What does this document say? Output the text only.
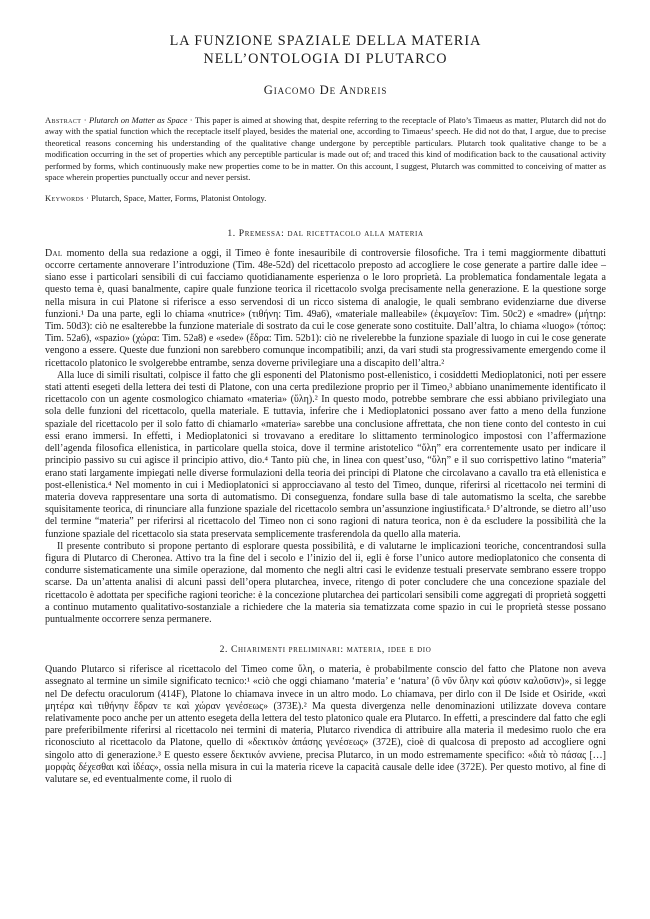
LA FUNZIONE SPAZIALE DELLA MATERIA
NELL’ONTOLOGIA DI PLUTARCO
Giacomo De Andreis

Abstract · Plutarch on Matter as Space · This paper is aimed at showing that, despite referring to the receptacle of Plato’s Timaeus as matter, Plutarch did not do away with the spatial function which the receptacle itself played, besides the material one, according to Timaeus’ speech. He did not do that, I argue, due to precise theoretical reasons concerning his understanding of the qualitative change undergone by perceptible particulars. Plutarch took qualitative change to be a modification occurring in the set of properties which any perceptible particular is made out of; and traced this kind of modification back to the causational activity performed by forms, which continuously make new properties come to be in matter. On this account, I suggest, Plutarch was committed to conceiving of matter as space wherein properties punctually occur and never persist.

Keywords · Plutarch, Space, Matter, Forms, Platonist Ontology.

1. Premessa: dal ricettacolo alla materia

Dal momento della sua redazione a oggi, il Timeo è fonte inesauribile di controversie filosofiche. Tra i temi maggiormente dibattuti occorre certamente annoverare l’introduzione (Tim. 48e-52d) del ricettacolo preposto ad accogliere le cose generate a partire dalle idee – siano esse i particolari sensibili di cui facciamo quotidianamente esperienza o le loro proprietà. La problematica fondamentale legata a questo tema è, quasi banalmente, capire quale funzione teorica il ricettacolo svolga precisamente nella generazione. E la questione sorge nella misura in cui Platone si riferisce a esso servendosi di un ricco sistema di analogie, le quali sembrano evidenziarne due diverse funzioni.¹ Da una parte, egli lo chiama «nutrice» (τιθήνη: Tim. 49a6), «materiale malleabile» (ἐκμαγεῖον: Tim. 50c2) e «madre» (μήτηρ: Tim. 50d3): ciò ne esalterebbe la funzione materiale di sostrato da cui le cose generate sono costituite. Dall’altra, lo chiama «luogo» (τόπος: Tim. 52a6), «spazio» (χώρα: Tim. 52a8) e «sede» (ἕδρα: Tim. 52b1): ciò ne rivelerebbe la funzione spaziale di luogo in cui le cose generate vengono a essere. Queste due funzioni non sarebbero comunque incompatibili; anzi, da vari studi sta progressivamente emergendo come il ricettacolo platonico le svolgerebbe entrambe, senza doverne privilegiare una a discapito dell’altra.²

Alla luce di simili risultati, colpisce il fatto che gli esponenti del Platonismo post-ellenistico, i cosiddetti Medioplatonici, noti per essere stati attenti esegeti della lettera dei testi di Platone, con una certa predilezione proprio per il Timeo,³ abbiano unanimemente identificato il ricettacolo con un agente cosmologico chiamato «materia» (ὕλη).² In questo modo, potrebbe sembrare che essi abbiano privilegiato una sola delle funzioni del ricettacolo, quella materiale. E tuttavia, inferire che i Medioplatonici possano aver fatto a meno della funzione spaziale del ricettacolo per il solo fatto di chiamarlo «materia» sarebbe una conclusione affrettata, che non tiene conto del contesto in cui essi erano immersi. In effetti, i Medioplatonici si trovavano a ereditare lo slittamento terminologico impostosi con l’affermazione dell’agenda filosofica ellenistica, in particolare quella stoica, dove il termine aristotelico “ὕλη” era correntemente usato per indicare il principio passivo su cui agisce il principio attivo, dio.⁴ Tanto più che, in linea con quest’uso, “ὕλη” e il suo corrispettivo latino “materia” erano stati largamente impiegati nelle diverse formulazioni della teoria dei principi di Platone che circolavano a cavallo tra età ellenistica e post-ellenistica.⁴ Nel momento in cui i Medioplatonici si approcciavano al testo del Timeo, dunque, riferirsi al ricettacolo nei termini di materia doveva rappresentare una sorta di automatismo. Di conseguenza, fondare sulla base di tale automatismo la scelta, che sarebbe squisitamente teorica, di rinunciare alla funzione spaziale del ricettacolo sembra un’assunzione ingiustificata.⁵ D’altronde, se dietro all’uso del termine “materia” per riferirsi al ricettacolo del Timeo non ci sono ragioni di natura teorica, non è da escludere la possibilità che la funzione spaziale del ricettacolo sia stata preservata semplicemente trasferendola da quello alla materia.

Il presente contributo si propone pertanto di esplorare questa possibilità, e di valutarne le implicazioni teoriche, concentrandosi sulla figura di Plutarco di Cheronea. Attivo tra la fine del i secolo e l’inizio del ii, egli è forse l’unico autore medioplatonico che consenta di condurre sistematicamente una simile operazione, dal momento che negli altri casi le evidenze testuali preservate sembrano essere troppo scarse. Da un’attenta analisi di alcuni passi dell’opera plutarchea, invece, ritengo di poter concludere che una concezione spaziale del ricettacolo è adottata per specifiche ragioni teoriche: è la concezione plutarchea dei particolari sensibili come aggregati di proprietà soggetti a continuo mutamento qualitativo-sostanziale a richiedere che la materia sia tematizzata come spazio in cui le proprietà stesse possano puntualmente occorrere senza permanere.

2. Chiarimenti preliminari: materia, idee e dio

Quando Plutarco si riferisce al ricettacolo del Timeo come ὕλη, o materia, è probabilmente conscio del fatto che Platone non aveva assegnato al termine un simile significato tecnico:¹ «ciò che oggi chiamano ‘materia’ e ‘natura’ (ὃ νῦν ὕλην καὶ φύσιν καλοῦσιν)», si legge nel De defectu oraculorum (414F), Platone lo chiamava invece in un altro modo. Lo chiamava, per dirlo con il De Iside et Osiride, «καὶ μητέρα καὶ τιθήνην ἕδραν τε καὶ χώραν γενέσεως» (373E).² Ma questa divergenza nelle denominazioni utilizzate doveva contare relativamente poco anche per un attento esegeta della lettera del testo platonico quale era Plutarco. In effetti, a prescindere dal fatto che egli pare preferibilmente riferirsi al ricettacolo nei termini di materia, Plutarco rivendica di attribuire alla materia il medesimo ruolo che era riconosciuto al ricettacolo da Platone, quello di «δεκτικὸν ἁπάσης γενέσεως» (372E), cioè di qualcosa di preposto ad accogliere ogni singolo atto di generazione.³ E questo essere δεκτικόν avviene, precisa Plutarco, in un modo estremamente specifico: «διὰ τὸ πάσας […] μορφὰς δέχεσθαι καὶ ἰδέας», ossia nella misura in cui la materia riceve la capacità causale delle idee (372E). Per questo motivo, al fine di valutare se, ed eventualmente come, il ruolo di
